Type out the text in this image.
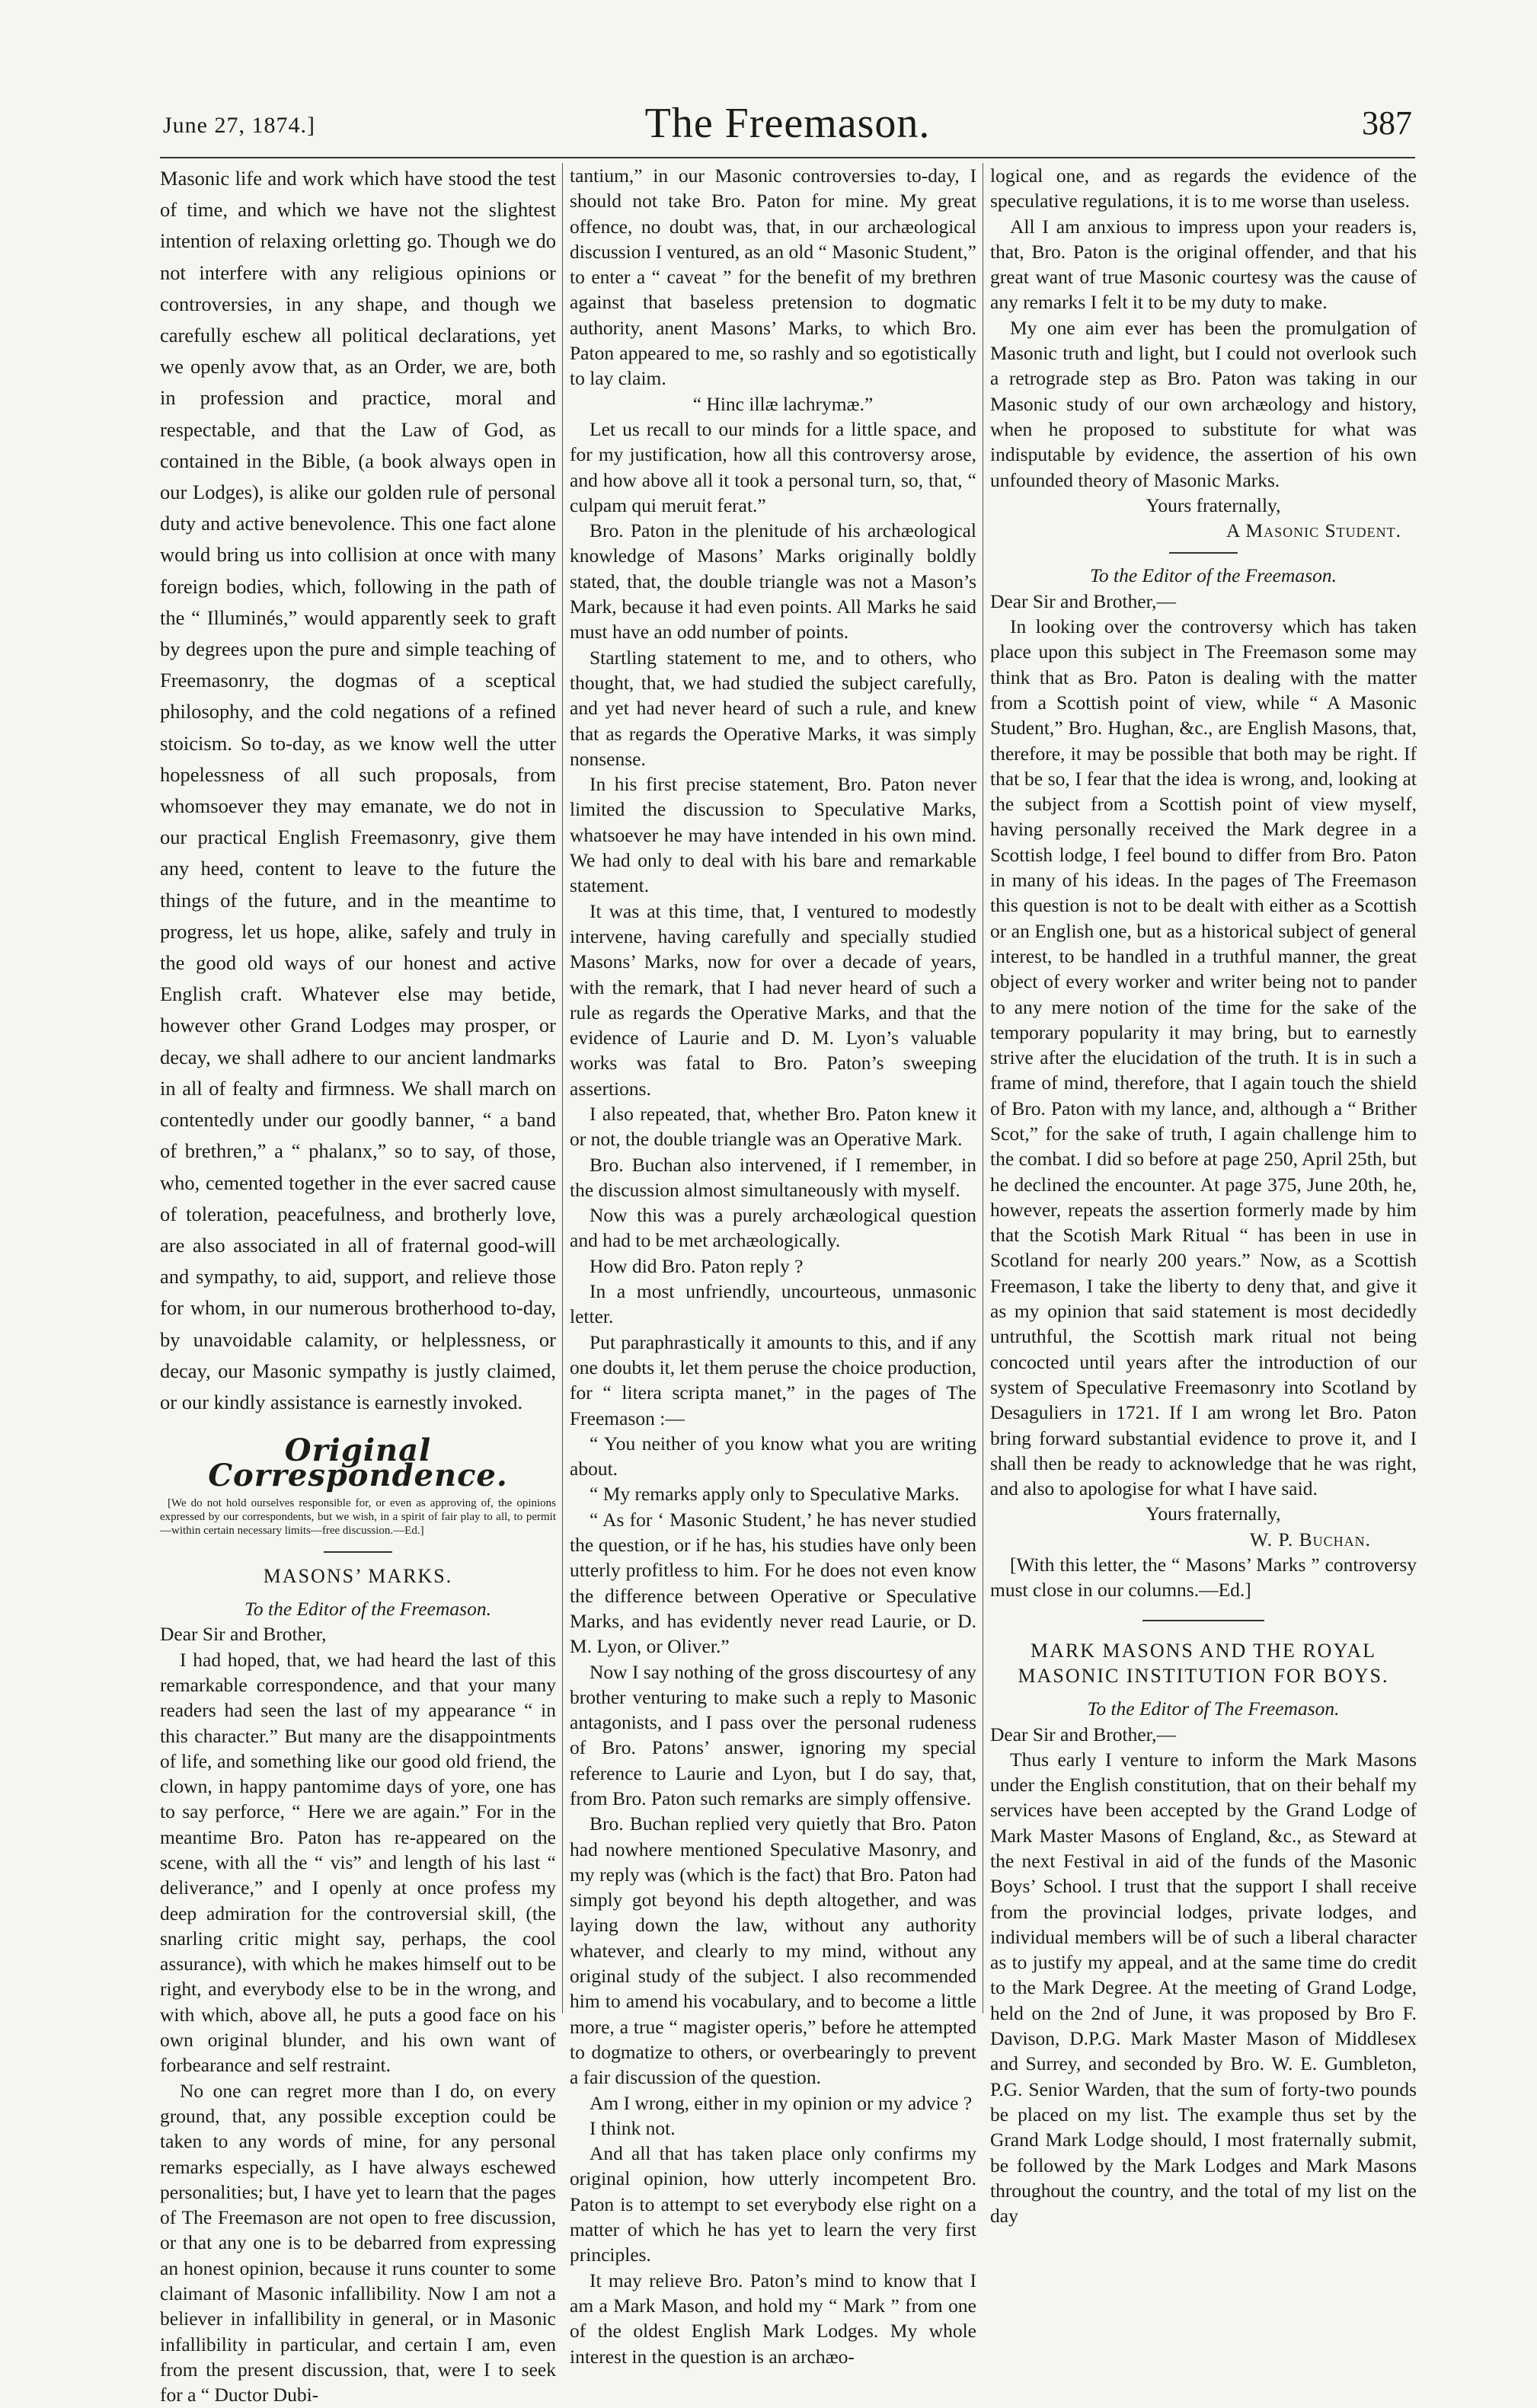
June 27, 1874.]	The Freemason.	387

Masonic life and work which have stood the test of time, and which we have not the slightest intention of relaxing orletting go. Though we do not interfere with any religious opinions or controversies, in any shape, and though we carefully eschew all political declarations, yet we openly avow that, as an Order, we are, both in profession and practice, moral and respectable, and that the Law of God, as contained in the Bible, (a book always open in our Lodges), is alike our golden rule of personal duty and active benevolence. This one fact alone would bring us into collision at once with many foreign bodies, which, following in the path of the “ Illuminés,” would apparently seek to graft by degrees upon the pure and simple teaching of Freemasonry, the dogmas of a sceptical philosophy, and the cold negations of a refined stoicism. So to-day, as we know well the utter hopelessness of all such proposals, from whomsoever they may emanate, we do not in our practical English Freemasonry, give them any heed, content to leave to the future the things of the future, and in the meantime to progress, let us hope, alike, safely and truly in the good old ways of our honest and active English craft. Whatever else may betide, however other Grand Lodges may prosper, or decay, we shall adhere to our ancient landmarks in all of fealty and firmness. We shall march on contentedly under our goodly banner, “ a band of brethren,” a “ phalanx,” so to say, of those, who, cemented together in the ever sacred cause of toleration, peacefulness, and brotherly love, are also associated in all of fraternal good-will and sympathy, to aid, support, and relieve those for whom, in our numerous brotherhood to-day, by unavoidable calamity, or helplessness, or decay, our Masonic sympathy is justly claimed, or our kindly assistance is earnestly invoked.

Original Correspondence.

[We do not hold ourselves responsible for, or even as approving of, the opinions expressed by our correspondents, but we wish, in a spirit of fair play to all, to permit—within certain necessary limits—free discussion.—Ed.]

MASONS’ MARKS.

To the Editor of the Freemason.

Dear Sir and Brother,

I had hoped, that, we had heard the last of this remarkable correspondence, and that your many readers had seen the last of my appearance “ in this character.” But many are the disappointments of life, and something like our good old friend, the clown, in happy pantomime days of yore, one has to say perforce, “ Here we are again.” For in the meantime Bro. Paton has re-appeared on the scene, with all the “ vis” and length of his last “ deliverance,” and I openly at once profess my deep admiration for the controversial skill, (the snarling critic might say, perhaps, the cool assurance), with which he makes himself out to be right, and everybody else to be in the wrong, and with which, above all, he puts a good face on his own original blunder, and his own want of forbearance and self restraint.

No one can regret more than I do, on every ground, that, any possible exception could be taken to any words of mine, for any personal remarks especially, as I have always eschewed personalities; but, I have yet to learn that the pages of The Freemason are not open to free discussion, or that any one is to be debarred from expressing an honest opinion, because it runs counter to some claimant of Masonic infallibility. Now I am not a believer in infallibility in general, or in Masonic infallibility in particular, and certain I am, even from the present discussion, that, were I to seek for a “ Ductor Dubi-

tantium,” in our Masonic controversies to-day, I should not take Bro. Paton for mine. My great offence, no doubt was, that, in our archæological discussion I ventured, as an old “ Masonic Student,” to enter a “ caveat ” for the benefit of my brethren against that baseless pretension to dogmatic authority, anent Masons’ Marks, to which Bro. Paton appeared to me, so rashly and so egotistically to lay claim.

“ Hinc illæ lachrymæ.”

Let us recall to our minds for a little space, and for my justification, how all this controversy arose, and how above all it took a personal turn, so, that, “ culpam qui meruit ferat.”

Bro. Paton in the plenitude of his archæological knowledge of Masons’ Marks originally boldly stated, that, the double triangle was not a Mason’s Mark, because it had even points. All Marks he said must have an odd number of points.

Startling statement to me, and to others, who thought, that, we had studied the subject carefully, and yet had never heard of such a rule, and knew that as regards the Operative Marks, it was simply nonsense.

In his first precise statement, Bro. Paton never limited the discussion to Speculative Marks, whatsoever he may have intended in his own mind. We had only to deal with his bare and remarkable statement.

It was at this time, that, I ventured to modestly intervene, having carefully and specially studied Masons’ Marks, now for over a decade of years, with the remark, that I had never heard of such a rule as regards the Operative Marks, and that the evidence of Laurie and D. M. Lyon’s valuable works was fatal to Bro. Paton’s sweeping assertions.

I also repeated, that, whether Bro. Paton knew it or not, the double triangle was an Operative Mark.

Bro. Buchan also intervened, if I remember, in the discussion almost simultaneously with myself.

Now this was a purely archæological question and had to be met archæologically.

How did Bro. Paton reply ?

In a most unfriendly, uncourteous, unmasonic letter.

Put paraphrastically it amounts to this, and if any one doubts it, let them peruse the choice production, for “ litera scripta manet,” in the pages of The Freemason :—

“ You neither of you know what you are writing about.

“ My remarks apply only to Speculative Marks.

“ As for ‘ Masonic Student,’ he has never studied the question, or if he has, his studies have only been utterly profitless to him. For he does not even know the difference between Operative or Speculative Marks, and has evidently never read Laurie, or D. M. Lyon, or Oliver.”

Now I say nothing of the gross discourtesy of any brother venturing to make such a reply to Masonic antagonists, and I pass over the personal rudeness of Bro. Patons’ answer, ignoring my special reference to Laurie and Lyon, but I do say, that, from Bro. Paton such remarks are simply offensive.

Bro. Buchan replied very quietly that Bro. Paton had nowhere mentioned Speculative Masonry, and my reply was (which is the fact) that Bro. Paton had simply got beyond his depth altogether, and was laying down the law, without any authority whatever, and clearly to my mind, without any original study of the subject. I also recommended him to amend his vocabulary, and to become a little more, a true “ magister operis,” before he attempted to dogmatize to others, or overbearingly to prevent a fair discussion of the question.

Am I wrong, either in my opinion or my advice ?

I think not.

And all that has taken place only confirms my original opinion, how utterly incompetent Bro. Paton is to attempt to set everybody else right on a matter of which he has yet to learn the very first principles.

It may relieve Bro. Paton’s mind to know that I am a Mark Mason, and hold my “ Mark ” from one of the oldest English Mark Lodges. My whole interest in the question is an archæo-

logical one, and as regards the evidence of the speculative regulations, it is to me worse than useless.

All I am anxious to impress upon your readers is, that, Bro. Paton is the original offender, and that his great want of true Masonic courtesy was the cause of any remarks I felt it to be my duty to make.

My one aim ever has been the promulgation of Masonic truth and light, but I could not overlook such a retrograde step as Bro. Paton was taking in our Masonic study of our own archæology and history, when he proposed to substitute for what was indisputable by evidence, the assertion of his own unfounded theory of Masonic Marks.

Yours fraternally,

A Masonic Student.

To the Editor of the Freemason.

Dear Sir and Brother,—

In looking over the controversy which has taken place upon this subject in The Freemason some may think that as Bro. Paton is dealing with the matter from a Scottish point of view, while “ A Masonic Student,” Bro. Hughan, &c., are English Masons, that, therefore, it may be possible that both may be right. If that be so, I fear that the idea is wrong, and, looking at the subject from a Scottish point of view myself, having personally received the Mark degree in a Scottish lodge, I feel bound to differ from Bro. Paton in many of his ideas. In the pages of The Freemason this question is not to be dealt with either as a Scottish or an English one, but as a historical subject of general interest, to be handled in a truthful manner, the great object of every worker and writer being not to pander to any mere notion of the time for the sake of the temporary popularity it may bring, but to earnestly strive after the elucidation of the truth. It is in such a frame of mind, therefore, that I again touch the shield of Bro. Paton with my lance, and, although a “ Brither Scot,” for the sake of truth, I again challenge him to the combat. I did so before at page 250, April 25th, but he declined the encounter. At page 375, June 20th, he, however, repeats the assertion formerly made by him that the Scotish Mark Ritual “ has been in use in Scotland for nearly 200 years.” Now, as a Scottish Freemason, I take the liberty to deny that, and give it as my opinion that said statement is most decidedly untruthful, the Scottish mark ritual not being concocted until years after the introduction of our system of Speculative Freemasonry into Scotland by Desaguliers in 1721. If I am wrong let Bro. Paton bring forward substantial evidence to prove it, and I shall then be ready to acknowledge that he was right, and also to apologise for what I have said.

Yours fraternally,

W. P. Buchan.

[With this letter, the “ Masons’ Marks ” controversy must close in our columns.—Ed.]

MARK MASONS AND THE ROYAL MASONIC INSTITUTION FOR BOYS.

To the Editor of The Freemason.

Dear Sir and Brother,—

Thus early I venture to inform the Mark Masons under the English constitution, that on their behalf my services have been accepted by the Grand Lodge of Mark Master Masons of England, &c., as Steward at the next Festival in aid of the funds of the Masonic Boys’ School. I trust that the support I shall receive from the provincial lodges, private lodges, and individual members will be of such a liberal character as to justify my appeal, and at the same time do credit to the Mark Degree. At the meeting of Grand Lodge, held on the 2nd of June, it was proposed by Bro F. Davison, D.P.G. Mark Master Mason of Middlesex and Surrey, and seconded by Bro. W. E. Gumbleton, P.G. Senior Warden, that the sum of forty-two pounds be placed on my list. The example thus set by the Grand Mark Lodge should, I most fraternally submit, be followed by the Mark Lodges and Mark Masons throughout the country, and the total of my list on the day
